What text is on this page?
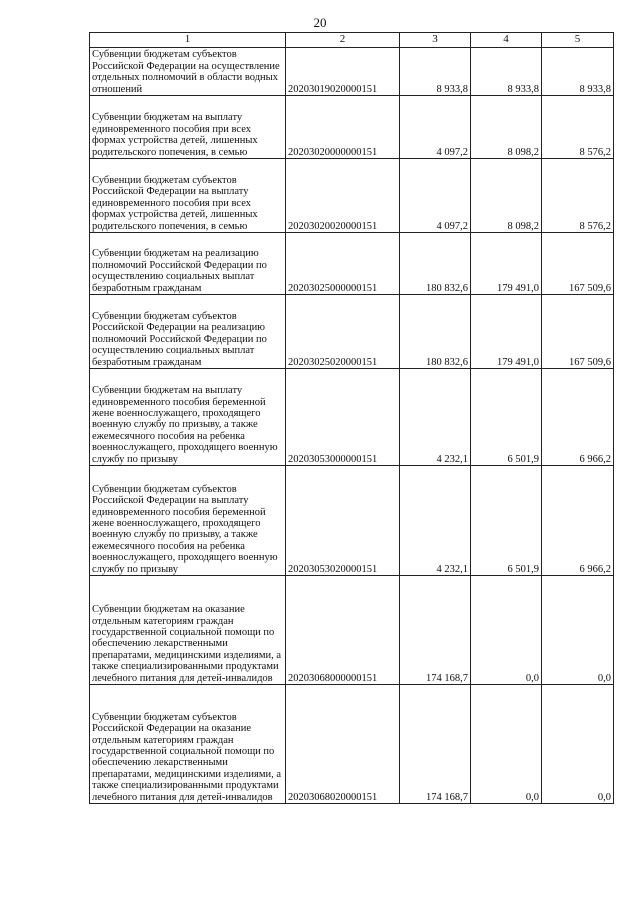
20
1	2	3	4	5
Субвенции бюджетам субъектов Российской Федерации на осуществление отдельных полномочий в области водных отношений	20203019020000151	8 933,8	8 933,8	8 933,8
Субвенции бюджетам на выплату единовременного пособия при всех формах устройства детей, лишенных родительского попечения, в семью	20203020000000151	4 097,2	8 098,2	8 576,2
Субвенции бюджетам субъектов Российской Федерации на выплату единовременного пособия при всех формах устройства детей, лишенных родительского попечения, в семью	20203020020000151	4 097,2	8 098,2	8 576,2
Субвенции бюджетам на реализацию полномочий Российской Федерации по осуществлению социальных выплат безработным гражданам	20203025000000151	180 832,6	179 491,0	167 509,6
Субвенции бюджетам субъектов Российской Федерации на реализацию полномочий Российской Федерации по осуществлению социальных выплат безработным гражданам	20203025020000151	180 832,6	179 491,0	167 509,6
Субвенции бюджетам на выплату единовременного пособия беременной жене военнослужащего, проходящего военную службу по призыву, а также ежемесячного пособия на ребенка военнослужащего, проходящего военную службу по призыву	20203053000000151	4 232,1	6 501,9	6 966,2
Субвенции бюджетам субъектов Российской Федерации на выплату единовременного пособия беременной жене военнослужащего, проходящего военную службу по призыву, а также ежемесячного пособия на ребенка военнослужащего, проходящего военную службу по призыву	20203053020000151	4 232,1	6 501,9	6 966,2
Субвенции бюджетам на оказание отдельным категориям граждан государственной социальной помощи по обеспечению лекарственными препаратами, медицинскими изделиями, а также специализированными продуктами лечебного питания для детей-инвалидов	20203068000000151	174 168,7	0,0	0,0
Субвенции бюджетам субъектов Российской Федерации на оказание отдельным категориям граждан государственной социальной помощи по обеспечению лекарственными препаратами, медицинскими изделиями, а также специализированными продуктами лечебного питания для детей-инвалидов	20203068020000151	174 168,7	0,0	0,0
